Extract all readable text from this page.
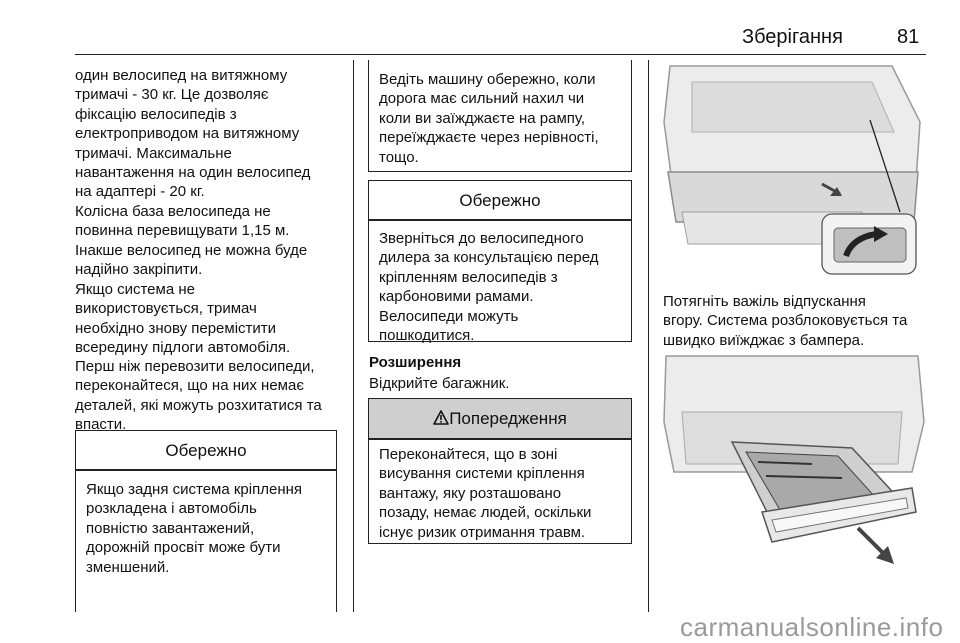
Зберігання	81

один велосипед на витяжному
тримачі - 30 кг. Це дозволяє
фіксацію велосипедів з
електроприводом на витяжному
тримачі. Максимальне
навантаження на один велосипед
на адаптері - 20 кг.

Колісна база велосипеда не
повинна перевищувати 1,15 м.
Інакше велосипед не можна буде
надійно закріпити.

Якщо система не
використовується, тримач
необхідно знову перемістити
всередину підлоги автомобіля.

Перш ніж перевозити велосипеди,
переконайтеся, що на них немає
деталей, які можуть розхитатися та
впасти.

Обережно

Якщо задня система кріплення
розкладена і автомобіль
повністю завантажений,
дорожній просвіт може бути
зменшений.

Ведіть машину обережно, коли
дорога має сильний нахил чи
коли ви заїжджаєте на рампу,
переїжджаєте через нерівності,
тощо.

Обережно

Зверніться до велосипедного
дилера за консультацією перед
кріпленням велосипедів з
карбоновими рамами.
Велосипеди можуть
пошкодитися.

Розширення
Відкрийте багажник.
Попередження

Переконайтеся, що в зоні
висування системи кріплення
вантажу, яку розташовано
позаду, немає людей, оскільки
існує ризик отримання травм.

Потягніть важіль відпускання
вгору. Система розблоковується та
швидко виїжджає з бампера.

carmanualsonline.info
